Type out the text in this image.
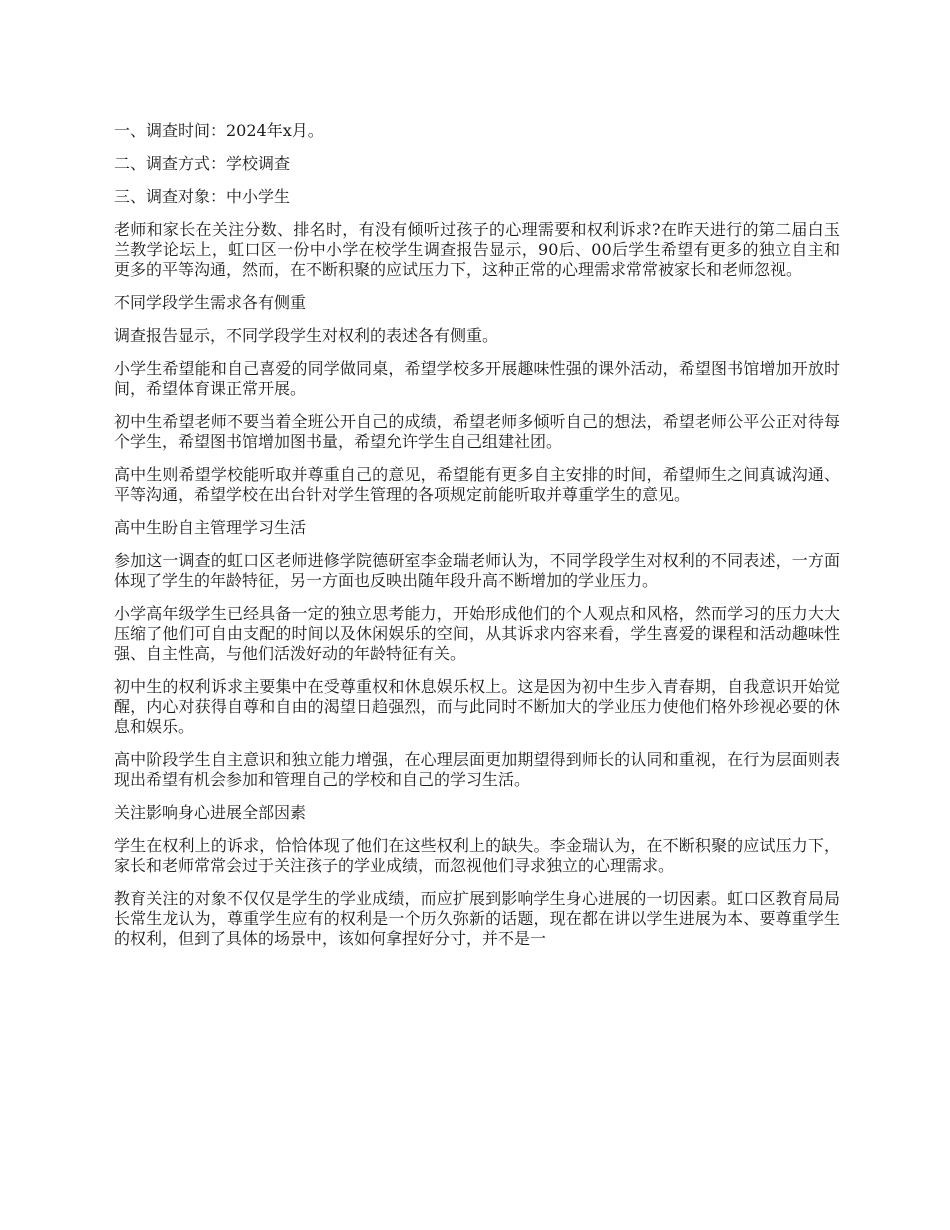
一、调查时间：2024年x月。

二、调查方式：学校调查

三、调查对象：中小学生

老师和家长在关注分数、排名时，有没有倾听过孩子的心理需要和权利诉求?在昨天进行的第二届白玉兰教学论坛上，虹口区一份中小学在校学生调查报告显示，90后、00后学生希望有更多的独立自主和更多的平等沟通，然而，在不断积聚的应试压力下，这种正常的心理需求常常被家长和老师忽视。

不同学段学生需求各有侧重

调查报告显示，不同学段学生对权利的表述各有侧重。

小学生希望能和自己喜爱的同学做同桌，希望学校多开展趣味性强的课外活动，希望图书馆增加开放时间，希望体育课正常开展。

初中生希望老师不要当着全班公开自己的成绩，希望老师多倾听自己的想法，希望老师公平公正对待每个学生，希望图书馆增加图书量，希望允许学生自己组建社团。

高中生则希望学校能听取并尊重自己的意见，希望能有更多自主安排的时间，希望师生之间真诚沟通、平等沟通，希望学校在出台针对学生管理的各项规定前能听取并尊重学生的意见。

高中生盼自主管理学习生活

参加这一调查的虹口区老师进修学院德研室李金瑞老师认为，不同学段学生对权利的不同表述，一方面体现了学生的年龄特征，另一方面也反映出随年段升高不断增加的学业压力。

小学高年级学生已经具备一定的独立思考能力，开始形成他们的个人观点和风格，然而学习的压力大大压缩了他们可自由支配的时间以及休闲娱乐的空间，从其诉求内容来看，学生喜爱的课程和活动趣味性强、自主性高，与他们活泼好动的年龄特征有关。

初中生的权利诉求主要集中在受尊重权和休息娱乐权上。这是因为初中生步入青春期，自我意识开始觉醒，内心对获得自尊和自由的渴望日趋强烈，而与此同时不断加大的学业压力使他们格外珍视必要的休息和娱乐。

高中阶段学生自主意识和独立能力增强，在心理层面更加期望得到师长的认同和重视，在行为层面则表现出希望有机会参加和管理自己的学校和自己的学习生活。

关注影响身心进展全部因素

学生在权利上的诉求，恰恰体现了他们在这些权利上的缺失。李金瑞认为，在不断积聚的应试压力下，家长和老师常常会过于关注孩子的学业成绩，而忽视他们寻求独立的心理需求。

教育关注的对象不仅仅是学生的学业成绩，而应扩展到影响学生身心进展的一切因素。虹口区教育局局长常生龙认为，尊重学生应有的权利是一个历久弥新的话题，现在都在讲以学生进展为本、要尊重学生的权利，但到了具体的场景中，该如何拿捏好分寸，并不是一
